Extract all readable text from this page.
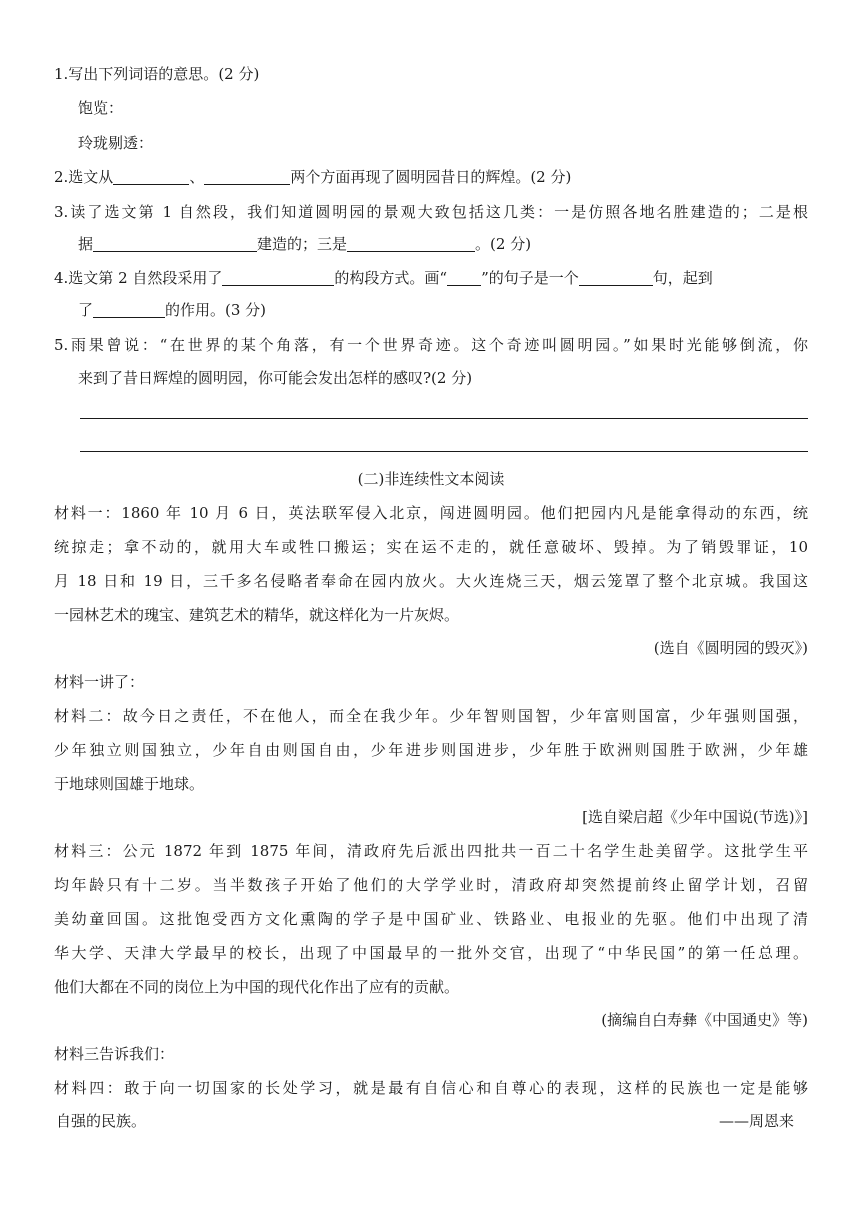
1.写出下列词语的意思。(2 分)
饱览：
玲珑剔透：
2.选文从	、	两个方面再现了圆明园昔日的辉煌。(2 分)
3.读了选文第 1 自然段，我们知道圆明园的景观大致包括这几类：一是仿照各地名胜建造的；二是根
据	建造的；三是	。(2 分)
4.选文第 2 自然段采用了	的构段方式。画“ ”的句子是一个	句，起到
了	的作用。(3 分)
5.雨果曾说：“在世界的某个角落，有一个世界奇迹。这个奇迹叫圆明园。”如果时光能够倒流，你
来到了昔日辉煌的圆明园，你可能会发出怎样的感叹?(2 分)
(二)非连续性文本阅读
材料一：1860 年 10 月 6 日，英法联军侵入北京，闯进圆明园。他们把园内凡是能拿得动的东西，统
统掠走；拿不动的，就用大车或牲口搬运；实在运不走的，就任意破坏、毁掉。为了销毁罪证，10
月 18 日和 19 日，三千多名侵略者奉命在园内放火。大火连烧三天，烟云笼罩了整个北京城。我国这
一园林艺术的瑰宝、建筑艺术的精华，就这样化为一片灰烬。
(选自《圆明园的毁灭》)
材料一讲了：
材料二：故今日之责任，不在他人，而全在我少年。少年智则国智，少年富则国富，少年强则国强，
少年独立则国独立，少年自由则国自由，少年进步则国进步，少年胜于欧洲则国胜于欧洲，少年雄
于地球则国雄于地球。
[选自梁启超《少年中国说(节选)》]
材料三：公元 1872 年到 1875 年间，清政府先后派出四批共一百二十名学生赴美留学。这批学生平
均年龄只有十二岁。当半数孩子开始了他们的大学学业时，清政府却突然提前终止留学计划，召留
美幼童回国。这批饱受西方文化熏陶的学子是中国矿业、铁路业、电报业的先驱。他们中出现了清
华大学、天津大学最早的校长，出现了中国最早的一批外交官，出现了“中华民国”的第一任总理。
他们大都在不同的岗位上为中国的现代化作出了应有的贡献。
(摘编自白寿彝《中国通史》等)
材料三告诉我们：
材料四：敢于向一切国家的长处学习，就是最有自信心和自尊心的表现，这样的民族也一定是能够
自强的民族。	——周恩来
